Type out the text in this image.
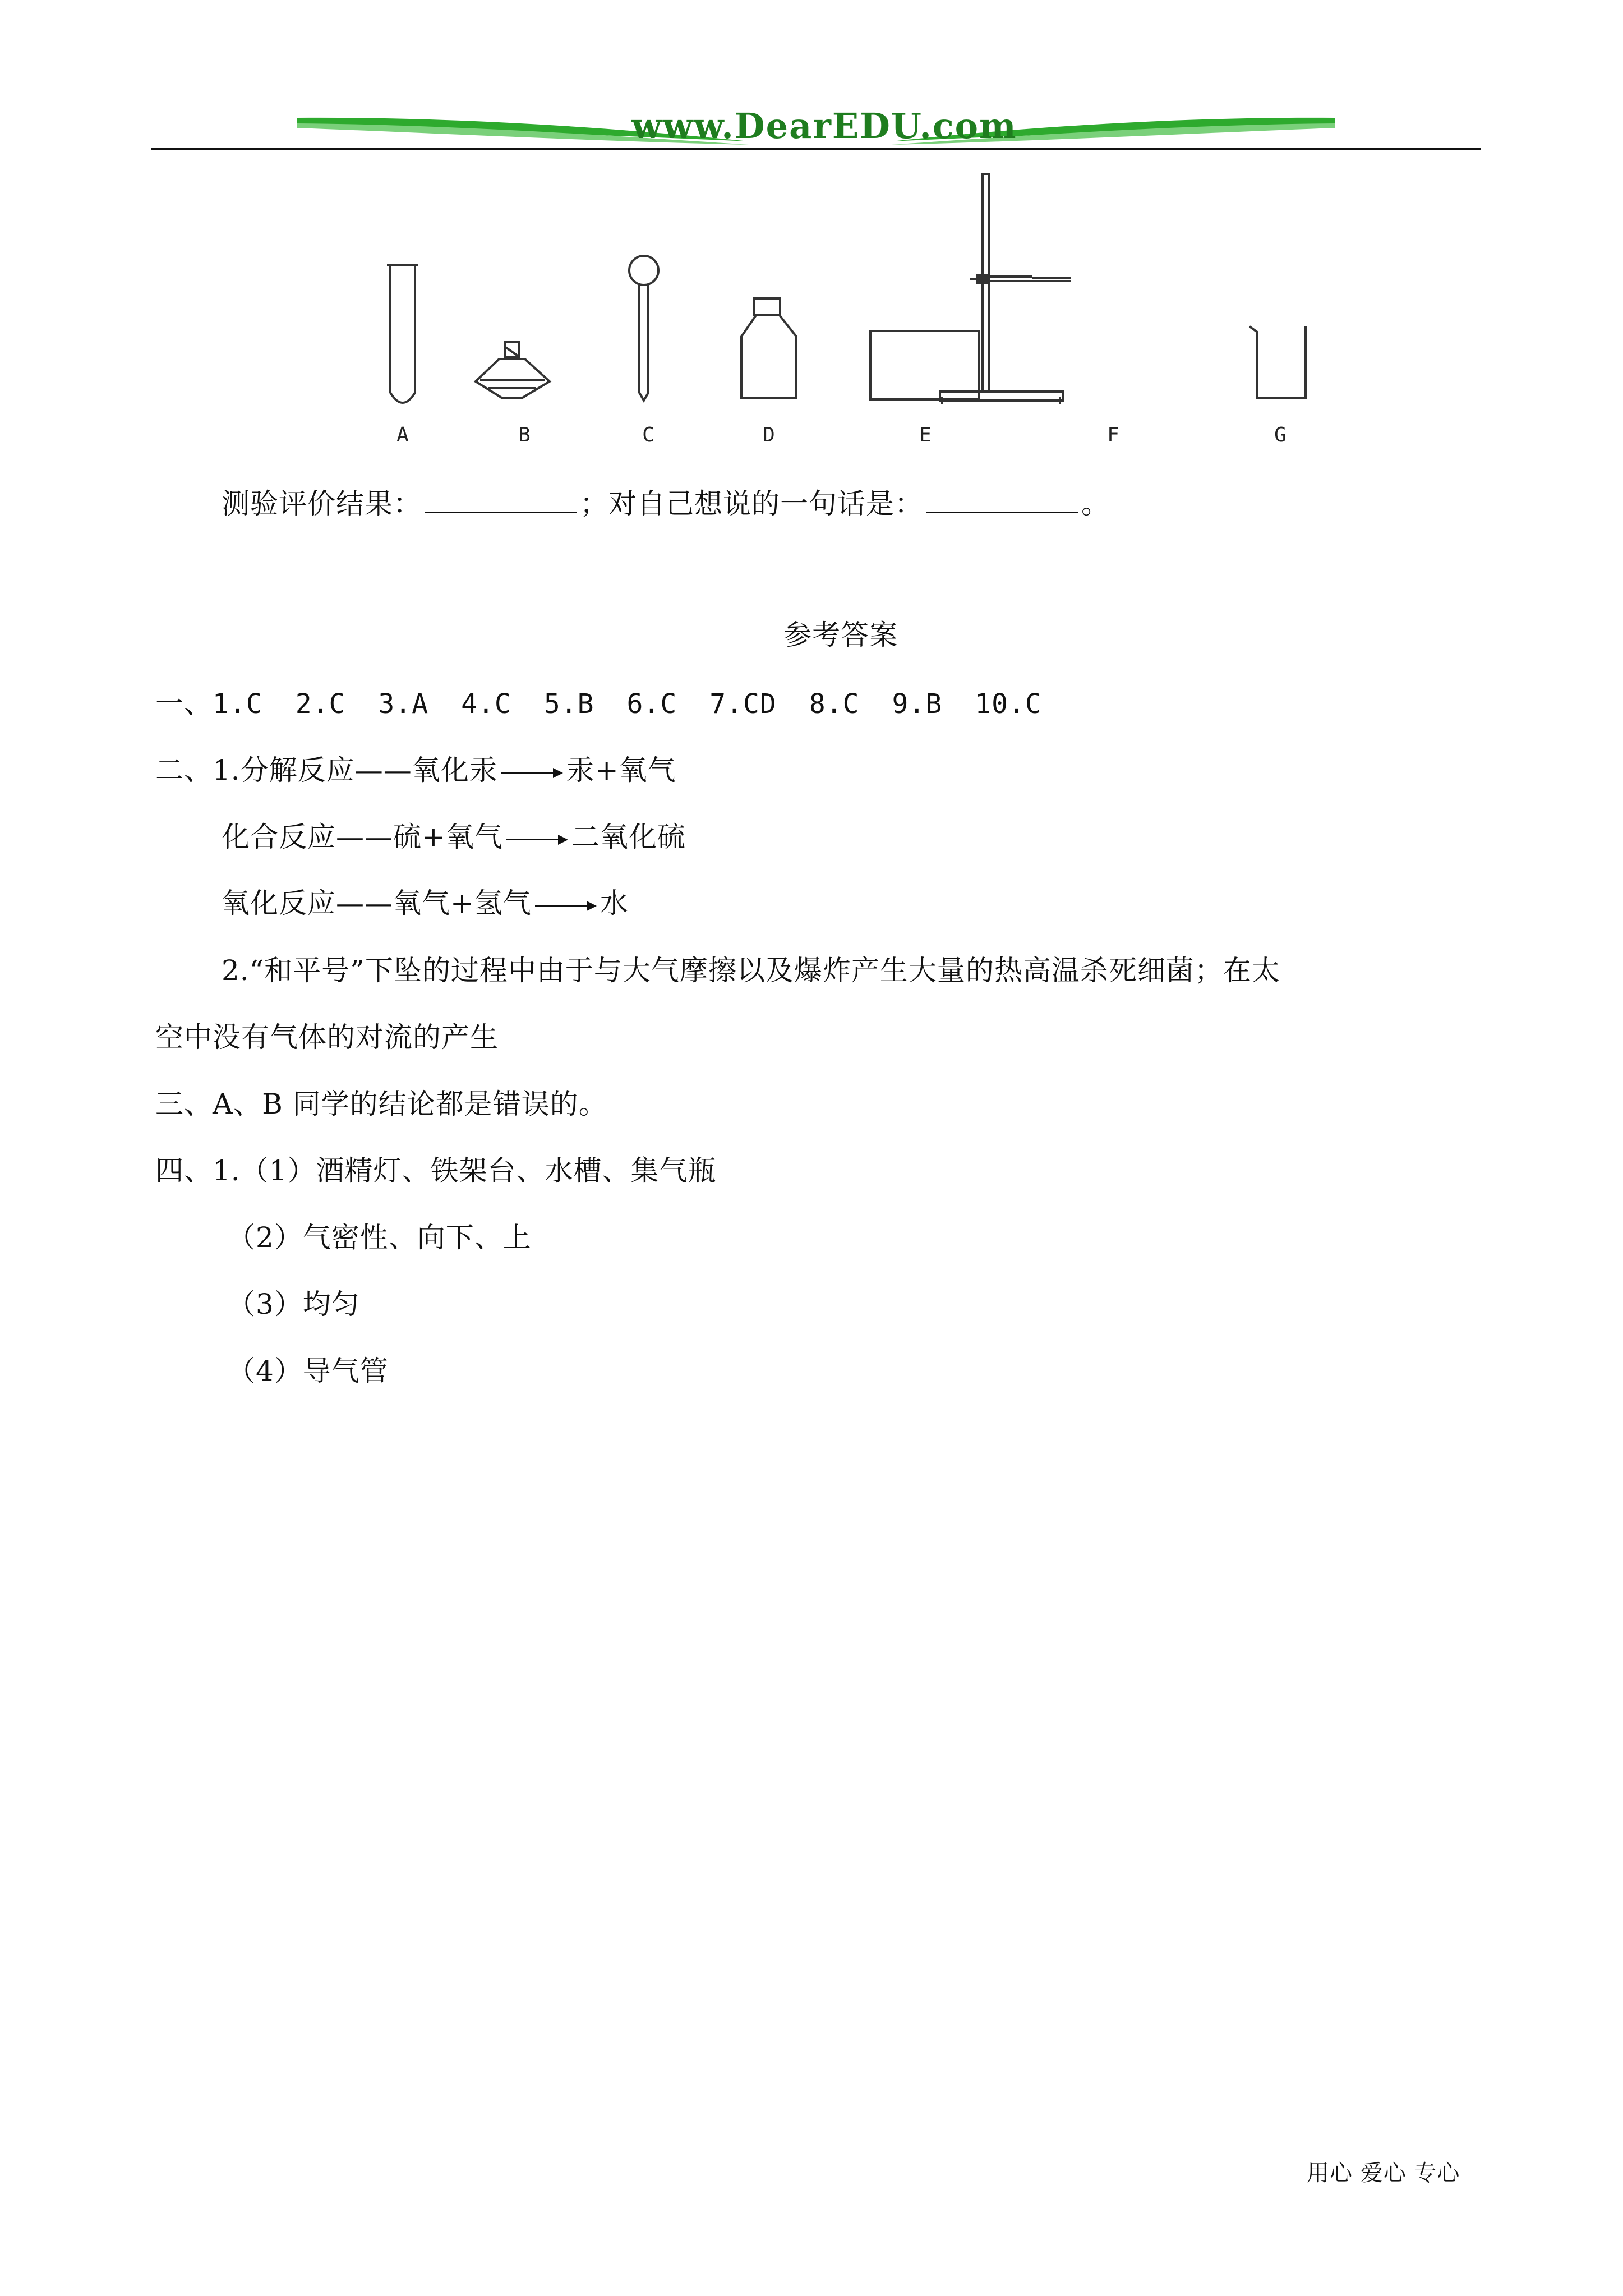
www.DearEDU.com
A	B	C	D	E	F	G
测验评价结果：	；对自己想说的一句话是：	。
参考答案
一、1.C 2.C 3.A 4.C 5.B 6.C 7.CD 8.C 9.B 10.C
二、1.分解反应——氧化汞 汞+氧气
化合反应——硫+氧气 二氧化硫
氧化反应——氧气+氢气 水
2.“和平号”下坠的过程中由于与大气摩擦以及爆炸产生大量的热高温杀死细菌；在太
空中没有气体的对流的产生
三、A、B 同学的结论都是错误的。
四、1.（1）酒精灯、铁架台、水槽、集气瓶
（2）气密性、向下、上
（3）均匀
（4）导气管
用心 爱心 专心
